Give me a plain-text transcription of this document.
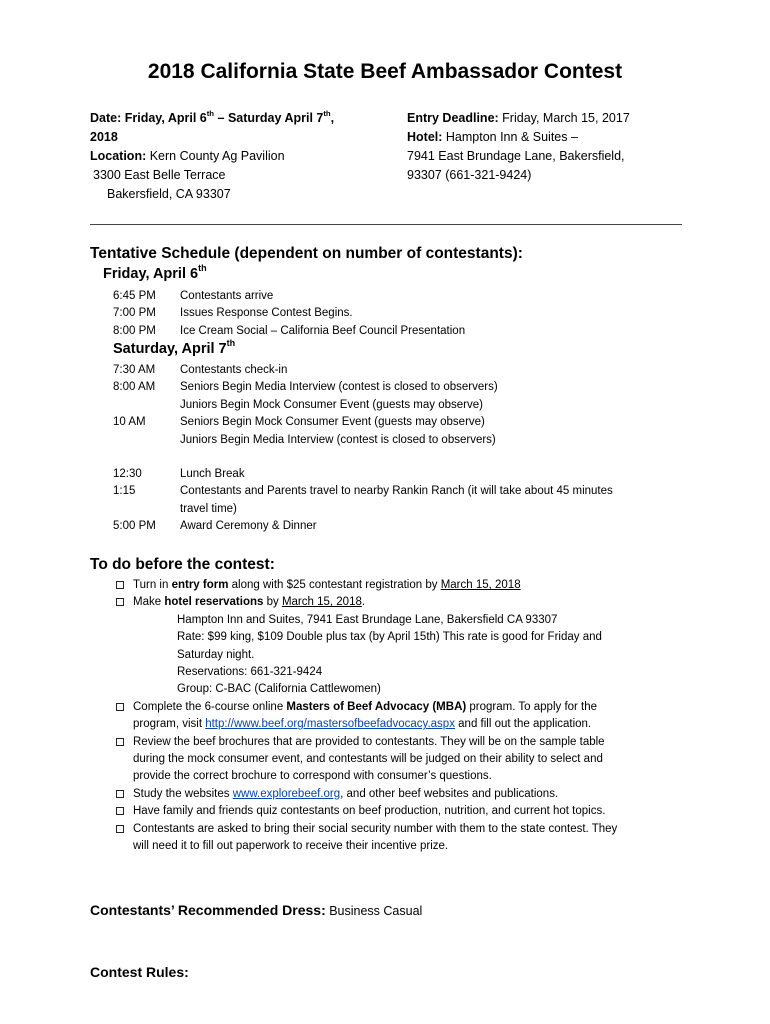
2018 California State Beef Ambassador Contest
Date: Friday, April 6th – Saturday April 7th,
2018
Location: Kern County Ag Pavilion
3300 East Belle Terrace
Bakersfield, CA 93307
Entry Deadline: Friday, March 15, 2017
Hotel: Hampton Inn & Suites –
7941 East Brundage Lane, Bakersfield,
93307 (661-321-9424)
Tentative Schedule (dependent on number of contestants):
Friday, April 6th
6:45 PM Contestants arrive
7:00 PM Issues Response Contest Begins.
8:00 PM Ice Cream Social – California Beef Council Presentation
Saturday, April 7th
7:30 AM Contestants check-in
8:00 AM Seniors Begin Media Interview (contest is closed to observers)
Juniors Begin Mock Consumer Event (guests may observe)
10 AM	Seniors Begin Mock Consumer Event (guests may observe)
Juniors Begin Media Interview (contest is closed to observers)
12:30	Lunch Break
1:15	Contestants and Parents travel to nearby Rankin Ranch (it will take about 45 minutes
travel time)
5:00 PM Award Ceremony & Dinner
To do before the contest:
Turn in entry form along with $25 contestant registration by March 15, 2018
Make hotel reservations by March 15, 2018.
Hampton Inn and Suites, 7941 East Brundage Lane, Bakersfield CA 93307
Rate: $99 king, $109 Double plus tax (by April 15th) This rate is good for Friday and
Saturday night.
Reservations: 661-321-9424
Group: C-BAC (California Cattlewomen)
Complete the 6-course online Masters of Beef Advocacy (MBA) program. To apply for the
program, visit http://www.beef.org/mastersofbeefadvocacy.aspx and fill out the application.
Review the beef brochures that are provided to contestants. They will be on the sample table
during the mock consumer event, and contestants will be judged on their ability to select and
provide the correct brochure to correspond with consumer’s questions.
Study the websites www.explorebeef.org, and other beef websites and publications.
Have family and friends quiz contestants on beef production, nutrition, and current hot topics.
Contestants are asked to bring their social security number with them to the state contest. They
will need it to fill out paperwork to receive their incentive prize.
Contestants’ Recommended Dress: Business Casual
Contest Rules:
